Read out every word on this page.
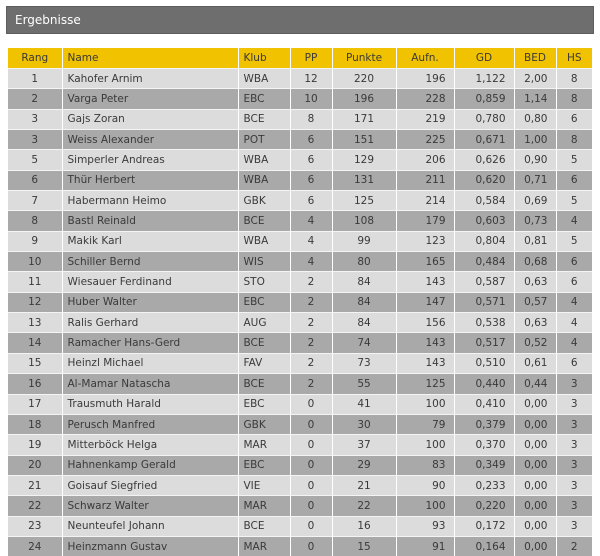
Ergebnisse
Rang	Name	Klub	PP	Punkte	Aufn.	GD	BED	HS
1	Kahofer Arnim	WBA	12	220	196	1,122	2,00	8
2	Varga Peter	EBC	10	196	228	0,859	1,14	8
3	Gajs Zoran	BCE	8	171	219	0,780	0,80	6
3	Weiss Alexander	POT	6	151	225	0,671	1,00	8
5	Simperler Andreas	WBA	6	129	206	0,626	0,90	5
6	Thür Herbert	WBA	6	131	211	0,620	0,71	6
7	Habermann Heimo	GBK	6	125	214	0,584	0,69	5
8	Bastl Reinald	BCE	4	108	179	0,603	0,73	4
9	Makik Karl	WBA	4	99	123	0,804	0,81	5
10	Schiller Bernd	WIS	4	80	165	0,484	0,68	6
11	Wiesauer Ferdinand	STO	2	84	143	0,587	0,63	6
12	Huber Walter	EBC	2	84	147	0,571	0,57	4
13	Ralis Gerhard	AUG	2	84	156	0,538	0,63	4
14	Ramacher Hans-Gerd	BCE	2	74	143	0,517	0,52	4
15	Heinzl Michael	FAV	2	73	143	0,510	0,61	6
16	Al-Mamar Natascha	BCE	2	55	125	0,440	0,44	3
17	Trausmuth Harald	EBC	0	41	100	0,410	0,00	3
18	Perusch Manfred	GBK	0	30	79	0,379	0,00	3
19	Mitterböck Helga	MAR	0	37	100	0,370	0,00	3
20	Hahnenkamp Gerald	EBC	0	29	83	0,349	0,00	3
21	Goisauf Siegfried	VIE	0	21	90	0,233	0,00	3
22	Schwarz Walter	MAR	0	22	100	0,220	0,00	3
23	Neunteufel Johann	BCE	0	16	93	0,172	0,00	3
24	Heinzmann Gustav	MAR	0	15	91	0,164	0,00	2
